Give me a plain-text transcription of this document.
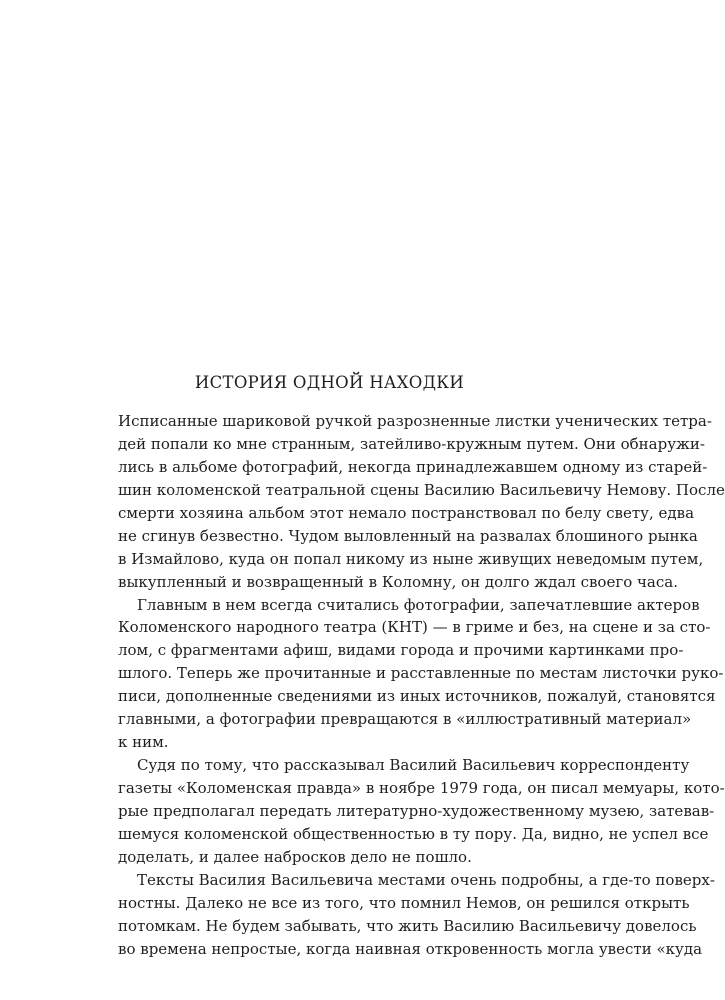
ИСТОРИЯ ОДНОЙ НАХОДКИ
Исписанные шариковой ручкой разрозненные листки ученических тетра-
дей попали ко мне странным, затейливо-кружным путем. Они обнаружи-
лись в альбоме фотографий, некогда принадлежавшем одному из старей-
шин коломенской театральной сцены Василию Васильевичу Немову. После
смерти хозяина альбом этот немало постранствовал по белу свету, едва
не сгинув безвестно. Чудом выловленный на развалах блошиного рынка
в Измайлово, куда он попал никому из ныне живущих неведомым путем,
выкупленный и возвращенный в Коломну, он долго ждал своего часа.
Главным в нем всегда считались фотографии, запечатлевшие актеров
Коломенского народного театра (КНТ) — в гриме и без, на сцене и за сто-
лом, с фрагментами афиш, видами города и прочими картинками про-
шлого. Теперь же прочитанные и расставленные по местам листочки руко-
писи, дополненные сведениями из иных источников, пожалуй, становятся
главными, а фотографии превращаются в «иллюстративный материал»
к ним.
Судя по тому, что рассказывал Василий Васильевич корреспонденту
газеты «Коломенская правда» в ноябре 1979 года, он писал мемуары, кото-
рые предполагал передать литературно-художественному музею, затевав-
шемуся коломенской общественностью в ту пору. Да, видно, не успел все
доделать, и далее набросков дело не пошло.
Тексты Василия Васильевича местами очень подробны, а где-то поверх-
ностны. Далеко не все из того, что помнил Немов, он решился открыть
потомкам. Не будем забывать, что жить Василию Васильевичу довелось
во времена непростые, когда наивная откровенность могла увести «куда
